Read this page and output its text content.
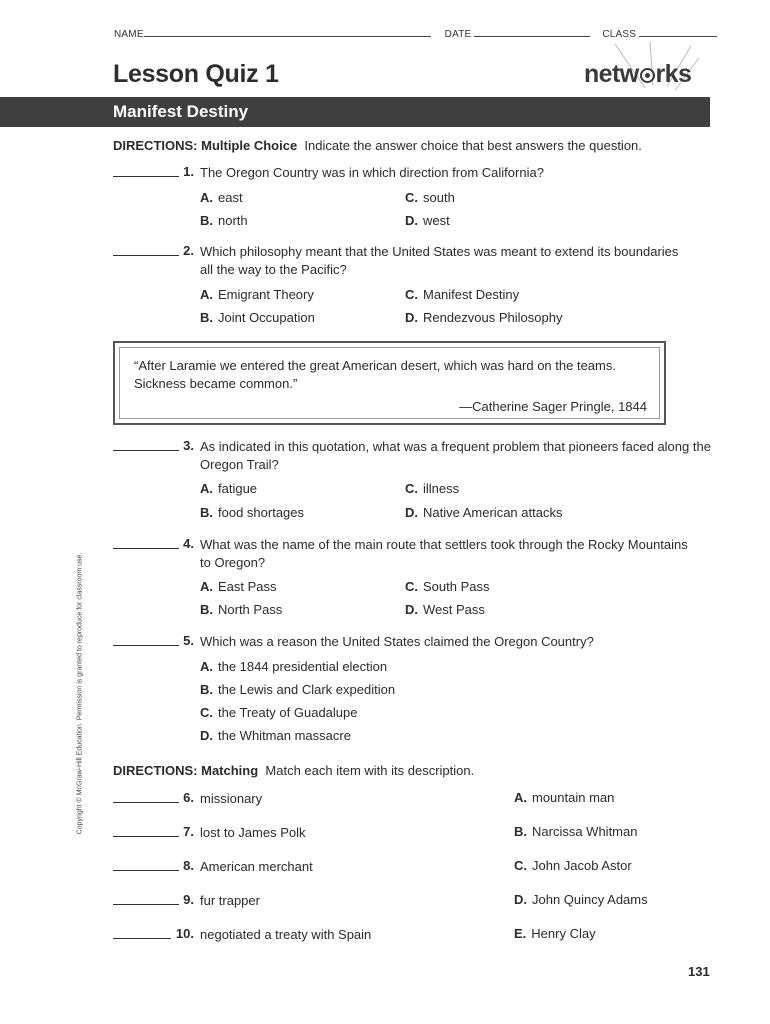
NAME	DATE	CLASS
Lesson Quiz 1	netw rks
Manifest Destiny
DIRECTIONS: Multiple Choice Indicate the answer choice that best answers the question.
1. The Oregon Country was in which direction from California?
A. east
B. north
C. south
D. west
2. Which philosophy meant that the United States was meant to extend its boundaries all the way to the Pacific?
A. Emigrant Theory
B. Joint Occupation
C. Manifest Destiny
D. Rendezvous Philosophy
“After Laramie we entered the great American desert, which was hard on the teams. Sickness became common.”
—Catherine Sager Pringle, 1844
3. As indicated in this quotation, what was a frequent problem that pioneers faced along the Oregon Trail?
A. fatigue
B. food shortages
C. illness
D. Native American attacks
4. What was the name of the main route that settlers took through the Rocky Mountains to Oregon?
A. East Pass
B. North Pass
C. South Pass
D. West Pass
5. Which was a reason the United States claimed the Oregon Country?
A. the 1844 presidential election
B. the Lewis and Clark expedition
C. the Treaty of Guadalupe
D. the Whitman massacre
DIRECTIONS: Matching Match each item with its description.
6. missionary	A. mountain man
7. lost to James Polk	B. Narcissa Whitman
8. American merchant	C. John Jacob Astor
9. fur trapper	D. John Quincy Adams
10. negotiated a treaty with Spain	E. Henry Clay
Copyright © McGraw-Hill Education. Permission is granted to reproduce for classroom use.
131
